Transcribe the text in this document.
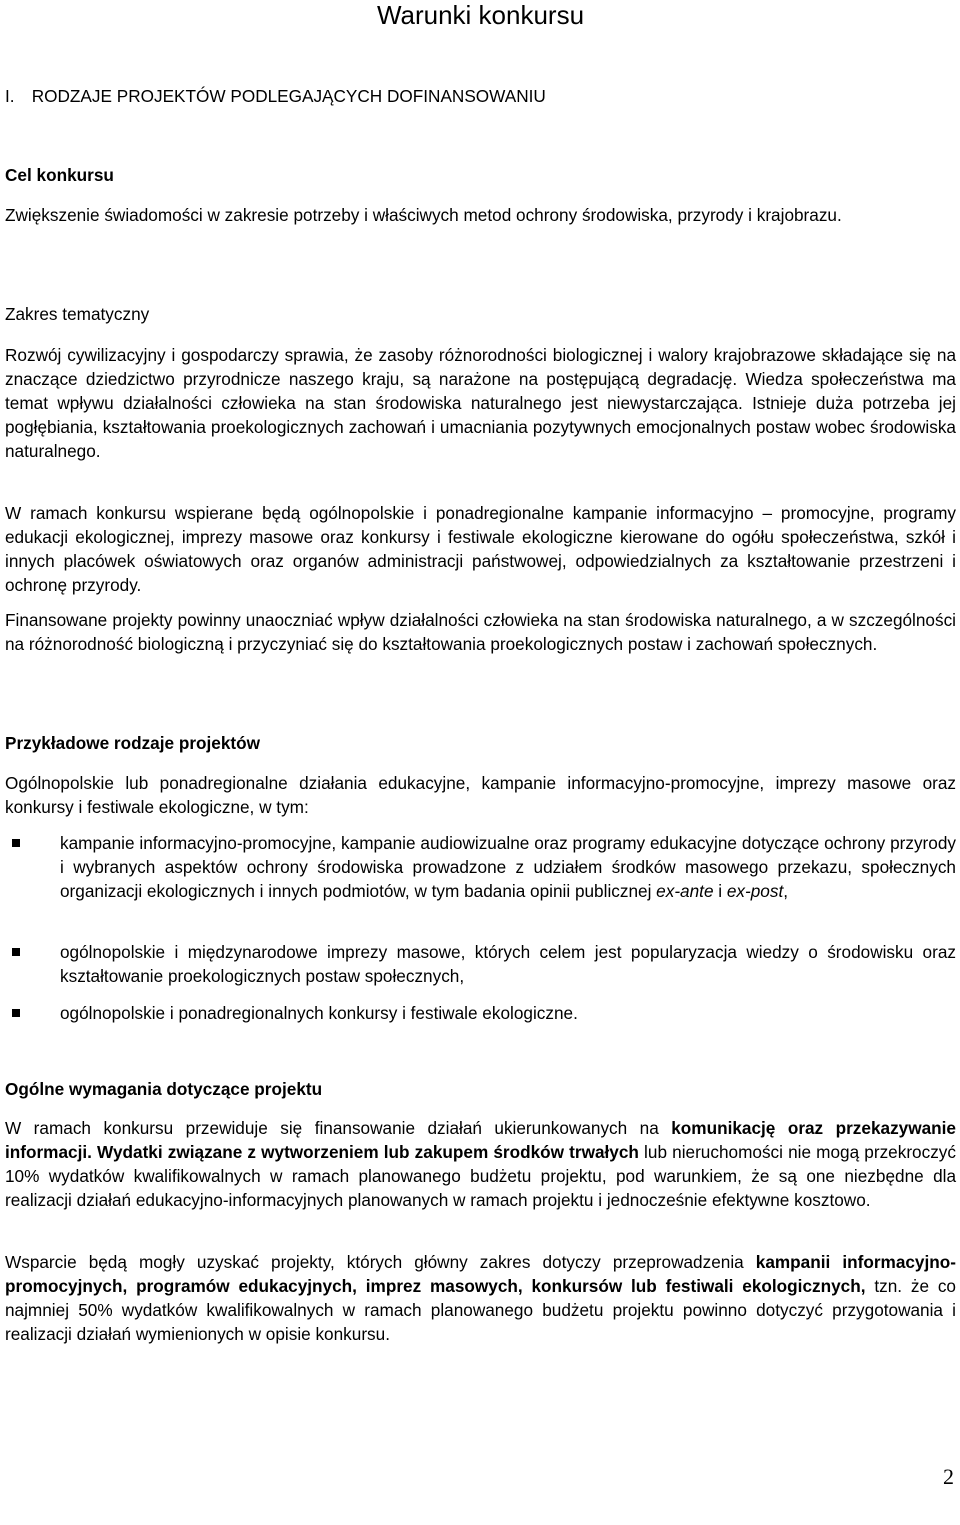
Warunki konkursu
I. RODZAJE PROJEKTÓW PODLEGAJĄCYCH DOFINANSOWANIU
Cel konkursu

Zwiększenie świadomości w zakresie potrzeby i właściwych metod ochrony środowiska, przyrody i krajobrazu.

Zakres tematyczny

Rozwój cywilizacyjny i gospodarczy sprawia, że zasoby różnorodności biologicznej i walory krajobrazowe składające się na znaczące dziedzictwo przyrodnicze naszego kraju, są narażone na postępującą degradację. Wiedza społeczeństwa ma temat wpływu działalności człowieka na stan środowiska naturalnego jest niewystarczająca. Istnieje duża potrzeba jej pogłębiania, kształtowania proekologicznych zachowań i umacniania pozytywnych emocjonalnych postaw wobec środowiska naturalnego.

W ramach konkursu wspierane będą ogólnopolskie i ponadregionalne kampanie informacyjno – promocyjne, programy edukacji ekologicznej, imprezy masowe oraz konkursy i festiwale ekologiczne kierowane do ogółu społeczeństwa, szkół i innych placówek oświatowych oraz organów administracji państwowej, odpowiedzialnych za kształtowanie przestrzeni i ochronę przyrody.

Finansowane projekty powinny unaoczniać wpływ działalności człowieka na stan środowiska naturalnego, a w szczególności na różnorodność biologiczną i przyczyniać się do kształtowania proekologicznych postaw i zachowań społecznych.

Przykładowe rodzaje projektów

Ogólnopolskie lub ponadregionalne działania edukacyjne, kampanie informacyjno-promocyjne, imprezy masowe oraz konkursy i festiwale ekologiczne, w tym:

kampanie informacyjno-promocyjne, kampanie audiowizualne oraz programy edukacyjne dotyczące ochrony przyrody i wybranych aspektów ochrony środowiska prowadzone z udziałem środków masowego przekazu, społecznych organizacji ekologicznych i innych podmiotów, w tym badania opinii publicznej ex-ante i ex-post,
ogólnopolskie i międzynarodowe imprezy masowe, których celem jest popularyzacja wiedzy o środowisku oraz kształtowanie proekologicznych postaw społecznych,
ogólnopolskie i ponadregionalnych konkursy i festiwale ekologiczne.
Ogólne wymagania dotyczące projektu

W ramach konkursu przewiduje się finansowanie działań ukierunkowanych na komunikację oraz przekazywanie informacji. Wydatki związane z wytworzeniem lub zakupem środków trwałych lub nieruchomości nie mogą przekroczyć 10% wydatków kwalifikowalnych w ramach planowanego budżetu projektu, pod warunkiem, że są one niezbędne dla realizacji działań edukacyjno-informacyjnych planowanych w ramach projektu i jednocześnie efektywne kosztowo.

Wsparcie będą mogły uzyskać projekty, których główny zakres dotyczy przeprowadzenia kampanii informacyjno-promocyjnych, programów edukacyjnych, imprez masowych, konkursów lub festiwali ekologicznych, tzn. że co najmniej 50% wydatków kwalifikowalnych w ramach planowanego budżetu projektu powinno dotyczyć przygotowania i realizacji działań wymienionych w opisie konkursu.

2
